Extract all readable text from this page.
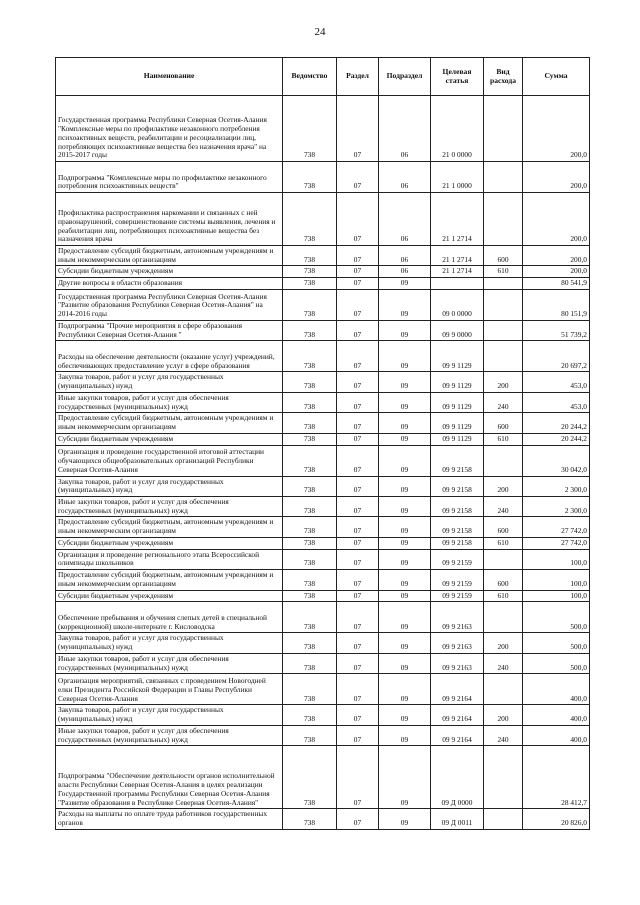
24
Наименование	Ведомство	Раздел	Подраздел	Целевая статья	Вид расхода	Сумма
Государственная программа Республики Северная Осетия-Алания "Комплексные меры по профилактике незаконного потребления психоактивных веществ, реабилитации и ресоциализации лиц, потребляющих психоактивные вещества без назначения врача" на 2015-2017 годы	738	07	06	21 0 0000		200,0
Подпрограмма "Комплексные меры по профилактике незаконного потребления психоактивных веществ"	738	07	06	21 1 0000		200,0
Профилактика распространения наркомании и связанных с ней правонарушений, совершенствование системы выявления, лечения и реабилитации лиц, потребляющих психоактивные вещества без назначения врача	738	07	06	21 1 2714		200,0
Предоставление субсидий бюджетным, автономным учреждениям и иным некоммерческим организациям	738	07	06	21 1 2714	600	200,0
Субсидии бюджетным учреждениям	738	07	06	21 1 2714	610	200,0
Другие вопросы в области образования	738	07	09			80 541,9
Государственная программа Республики Северная Осетия-Алания "Развитие образования Республики Северная Осетия-Алания" на 2014-2016 годы	738	07	09	09 0 0000		80 151,9
Подпрограмма "Прочие мероприятия в сфере образования Республики Северная Осетия-Алания "	738	07	09	09 9 0000		51 739,2
Расходы на обеспечение деятельности (оказание услуг) учреждений, обеспечивающих предоставление услуг в сфере образования	738	07	09	09 9 1129		20 697,2
Закупка товаров, работ и услуг для государственных (муниципальных) нужд	738	07	09	09 9 1129	200	453,0
Иные закупки товаров, работ и услуг для обеспечения государственных (муниципальных) нужд	738	07	09	09 9 1129	240	453,0
Предоставление субсидий бюджетным, автономным учреждениям и иным некоммерческим организациям	738	07	09	09 9 1129	600	20 244,2
Субсидии бюджетным учреждениям	738	07	09	09 9 1129	610	20 244,2
Организация и проведение государственной итоговой аттестации обучающихся общеобразовательных организаций Республики Северная Осетия-Алания	738	07	09	09 9 2158		30 042,0
Закупка товаров, работ и услуг для государственных (муниципальных) нужд	738	07	09	09 9 2158	200	2 300,0
Иные закупки товаров, работ и услуг для обеспечения государственных (муниципальных) нужд	738	07	09	09 9 2158	240	2 300,0
Предоставление субсидий бюджетным, автономным учреждениям и иным некоммерческим организациям	738	07	09	09 9 2158	600	27 742,0
Субсидии бюджетным учреждениям	738	07	09	09 9 2158	610	27 742,0
Организация и проведение регионального этапа Всероссийской олимпиады школьников	738	07	09	09 9 2159		100,0
Предоставление субсидий бюджетным, автономным учреждениям и иным некоммерческим организациям	738	07	09	09 9 2159	600	100,0
Субсидии бюджетным учреждениям	738	07	09	09 9 2159	610	100,0
Обеспечение пребывания и обучения слепых детей в специальной (коррекционной) школе-интернате г. Кисловодска	738	07	09	09 9 2163		500,0
Закупка товаров, работ и услуг для государственных (муниципальных) нужд	738	07	09	09 9 2163	200	500,0
Иные закупки товаров, работ и услуг для обеспечения государственных (муниципальных) нужд	738	07	09	09 9 2163	240	500,0
Организация мероприятий, связанных с проведением Новогодней елки Президента Российской Федерации и Главы Республики Северная Осетия-Алания	738	07	09	09 9 2164		400,0
Закупка товаров, работ и услуг для государственных (муниципальных) нужд	738	07	09	09 9 2164	200	400,0
Иные закупки товаров, работ и услуг для обеспечения государственных (муниципальных) нужд	738	07	09	09 9 2164	240	400,0
Подпрограмма "Обеспечение деятельности органов исполнительной власти Республики Северная Осетия-Алания в целях реализации Государственной программы Республики Северная Осетия-Алания "Развитие образования в Республике Северная Осетия-Алания"	738	07	09	09 Д 0000		28 412,7
Расходы на выплаты по оплате труда работников государственных органов	738	07	09	09 Д 0011		20 826,0
